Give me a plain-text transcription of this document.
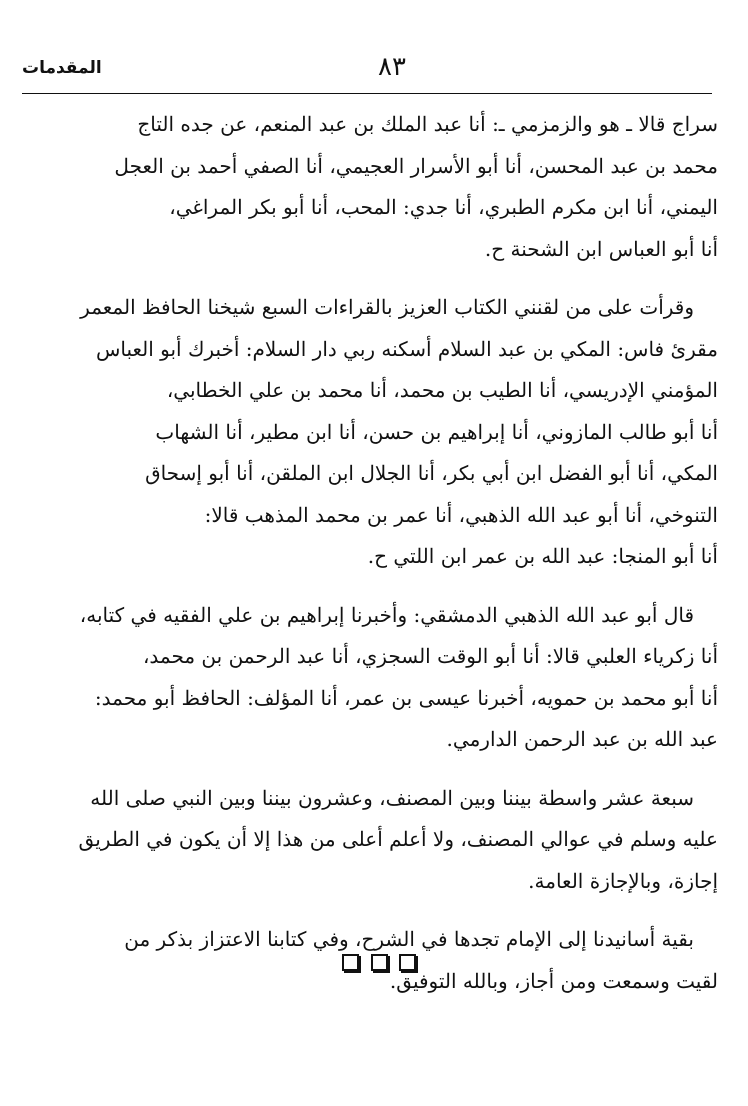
المقدمات	٨٣

سراج قالا ـ هو والزمزمي ـ: أنا عبد الملك بن عبد المنعم، عن جده التاج
محمد بن عبد المحسن، أنا أبو الأسرار العجيمي، أنا الصفي أحمد بن العجل
اليمني، أنا ابن مكرم الطبري، أنا جدي: المحب، أنا أبو بكر المراغي،
أنا أبو العباس ابن الشحنة ح.

وقرأت على من لقنني الكتاب العزيز بالقراءات السبع شيخنا الحافظ المعمر
مقرئ فاس: المكي بن عبد السلام أسكنه ربي دار السلام: أخبرك أبو العباس
المؤمني الإدريسي، أنا الطيب بن محمد، أنا محمد بن علي الخطابي،
أنا أبو طالب المازوني، أنا إبراهيم بن حسن، أنا ابن مطير، أنا الشهاب
المكي، أنا أبو الفضل ابن أبي بكر، أنا الجلال ابن الملقن، أنا أبو إسحاق
التنوخي، أنا أبو عبد الله الذهبي، أنا عمر بن محمد المذهب قالا:
أنا أبو المنجا: عبد الله بن عمر ابن اللتي ح.

قال أبو عبد الله الذهبي الدمشقي: وأخبرنا إبراهيم بن علي الفقيه في كتابه،
أنا زكرياء العلبي قالا: أنا أبو الوقت السجزي، أنا عبد الرحمن بن محمد،
أنا أبو محمد بن حمويه، أخبرنا عيسى بن عمر، أنا المؤلف: الحافظ أبو محمد:
عبد الله بن عبد الرحمن الدارمي.

سبعة عشر واسطة بيننا وبين المصنف، وعشرون بيننا وبين النبي صلى الله
عليه وسلم في عوالي المصنف، ولا أعلم أعلى من هذا إلا أن يكون في الطريق
إجازة، وبالإجازة العامة.

بقية أسانيدنا إلى الإمام تجدها في الشرح، وفي كتابنا الاعتزاز بذكر من
لقيت وسمعت ومن أجاز، وبالله التوفيق.
